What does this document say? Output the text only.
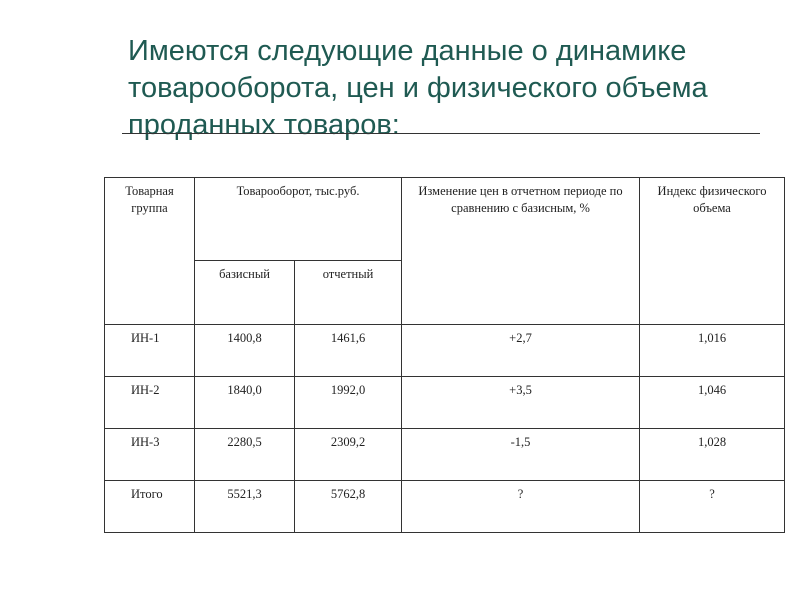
Имеются следующие данные о динамике
товарооборота, цен и физического объема
проданных товаров:
Товарная группа	Товарооборот, тыс.руб.		Изменение цен в отчетном периоде по сравнению с базисным, %	Индекс физического объема
	базисный	отчетный		
ИН-1	1400,8	1461,6	+2,7	1,016
ИН-2	1840,0	1992,0	+3,5	1,046
ИН-3	2280,5	2309,2	-1,5	1,028
Итого	5521,3	5762,8	?	?
